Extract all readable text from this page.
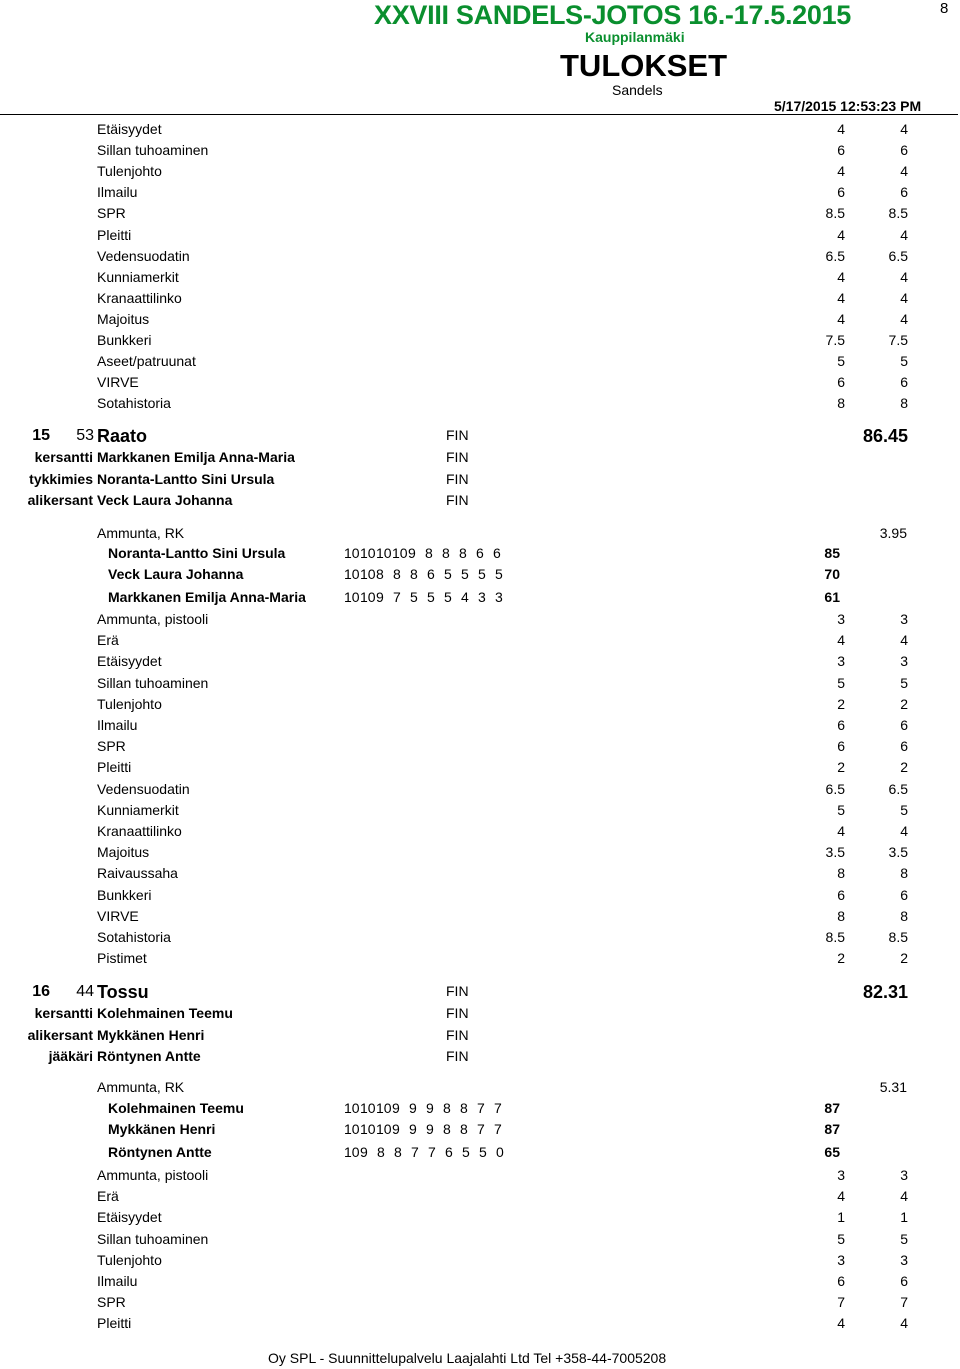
8
XXVIII SANDELS-JOTOS 16.-17.5.2015
Kauppilanmäki
TULOKSET
Sandels
5/17/2015 12:53:23 PM
Etäisyydet	4	4
Sillan tuhoaminen	6	6
Tulenjohto	4	4
Ilmailu	6	6
SPR	8.5	8.5
Pleitti	4	4
Vedensuodatin	6.5	6.5
Kunniamerkit	4	4
Kranaattilinko	4	4
Majoitus	4	4
Bunkkeri	7.5	7.5
Aseet/patruunat	5	5
VIRVE	6	6
Sotahistoria	8	8
15	53 Raato	FIN	86.45
kersantti Markkanen Emilja Anna-Maria	FIN
tykkimies Noranta-Lantto Sini Ursula	FIN
alikersant Veck Laura Johanna	FIN
Ammunta, RK	3.95
Noranta-Lantto Sini Ursula	10 10 10 10 9 8 8 8 6 6	85
Veck Laura Johanna	10 10 8 8 8 6 5 5 5 5	70
Markkanen Emilja Anna-Maria	10 10 9 7 5 5 5 4 3 3	61
Ammunta, pistooli	3	3
Erä	4	4
Etäisyydet	3	3
Sillan tuhoaminen	5	5
Tulenjohto	2	2
Ilmailu	6	6
SPR	6	6
Pleitti	2	2
Vedensuodatin	6.5	6.5
Kunniamerkit	5	5
Kranaattilinko	4	4
Majoitus	3.5	3.5
Raivaussaha	8	8
Bunkkeri	6	6
VIRVE	8	8
Sotahistoria	8.5	8.5
Pistimet	2	2
16	44 Tossu	FIN	82.31
kersantti Kolehmainen Teemu	FIN
alikersant Mykkänen Henri	FIN
jääkäri Röntynen Antte	FIN
Ammunta, RK	5.31
Kolehmainen Teemu	10 10 10 9 9 9 8 8 7 7	87
Mykkänen Henri	10 10 10 9 9 9 8 8 7 7	87
Röntynen Antte	10 9 8 8 7 7 6 5 5 0	65
Ammunta, pistooli	3	3
Erä	4	4
Etäisyydet	1	1
Sillan tuhoaminen	5	5
Tulenjohto	3	3
Ilmailu	6	6
SPR	7	7
Pleitti	4	4
Oy SPL - Suunnittelupalvelu Laajalahti Ltd Tel +358-44-7005208
